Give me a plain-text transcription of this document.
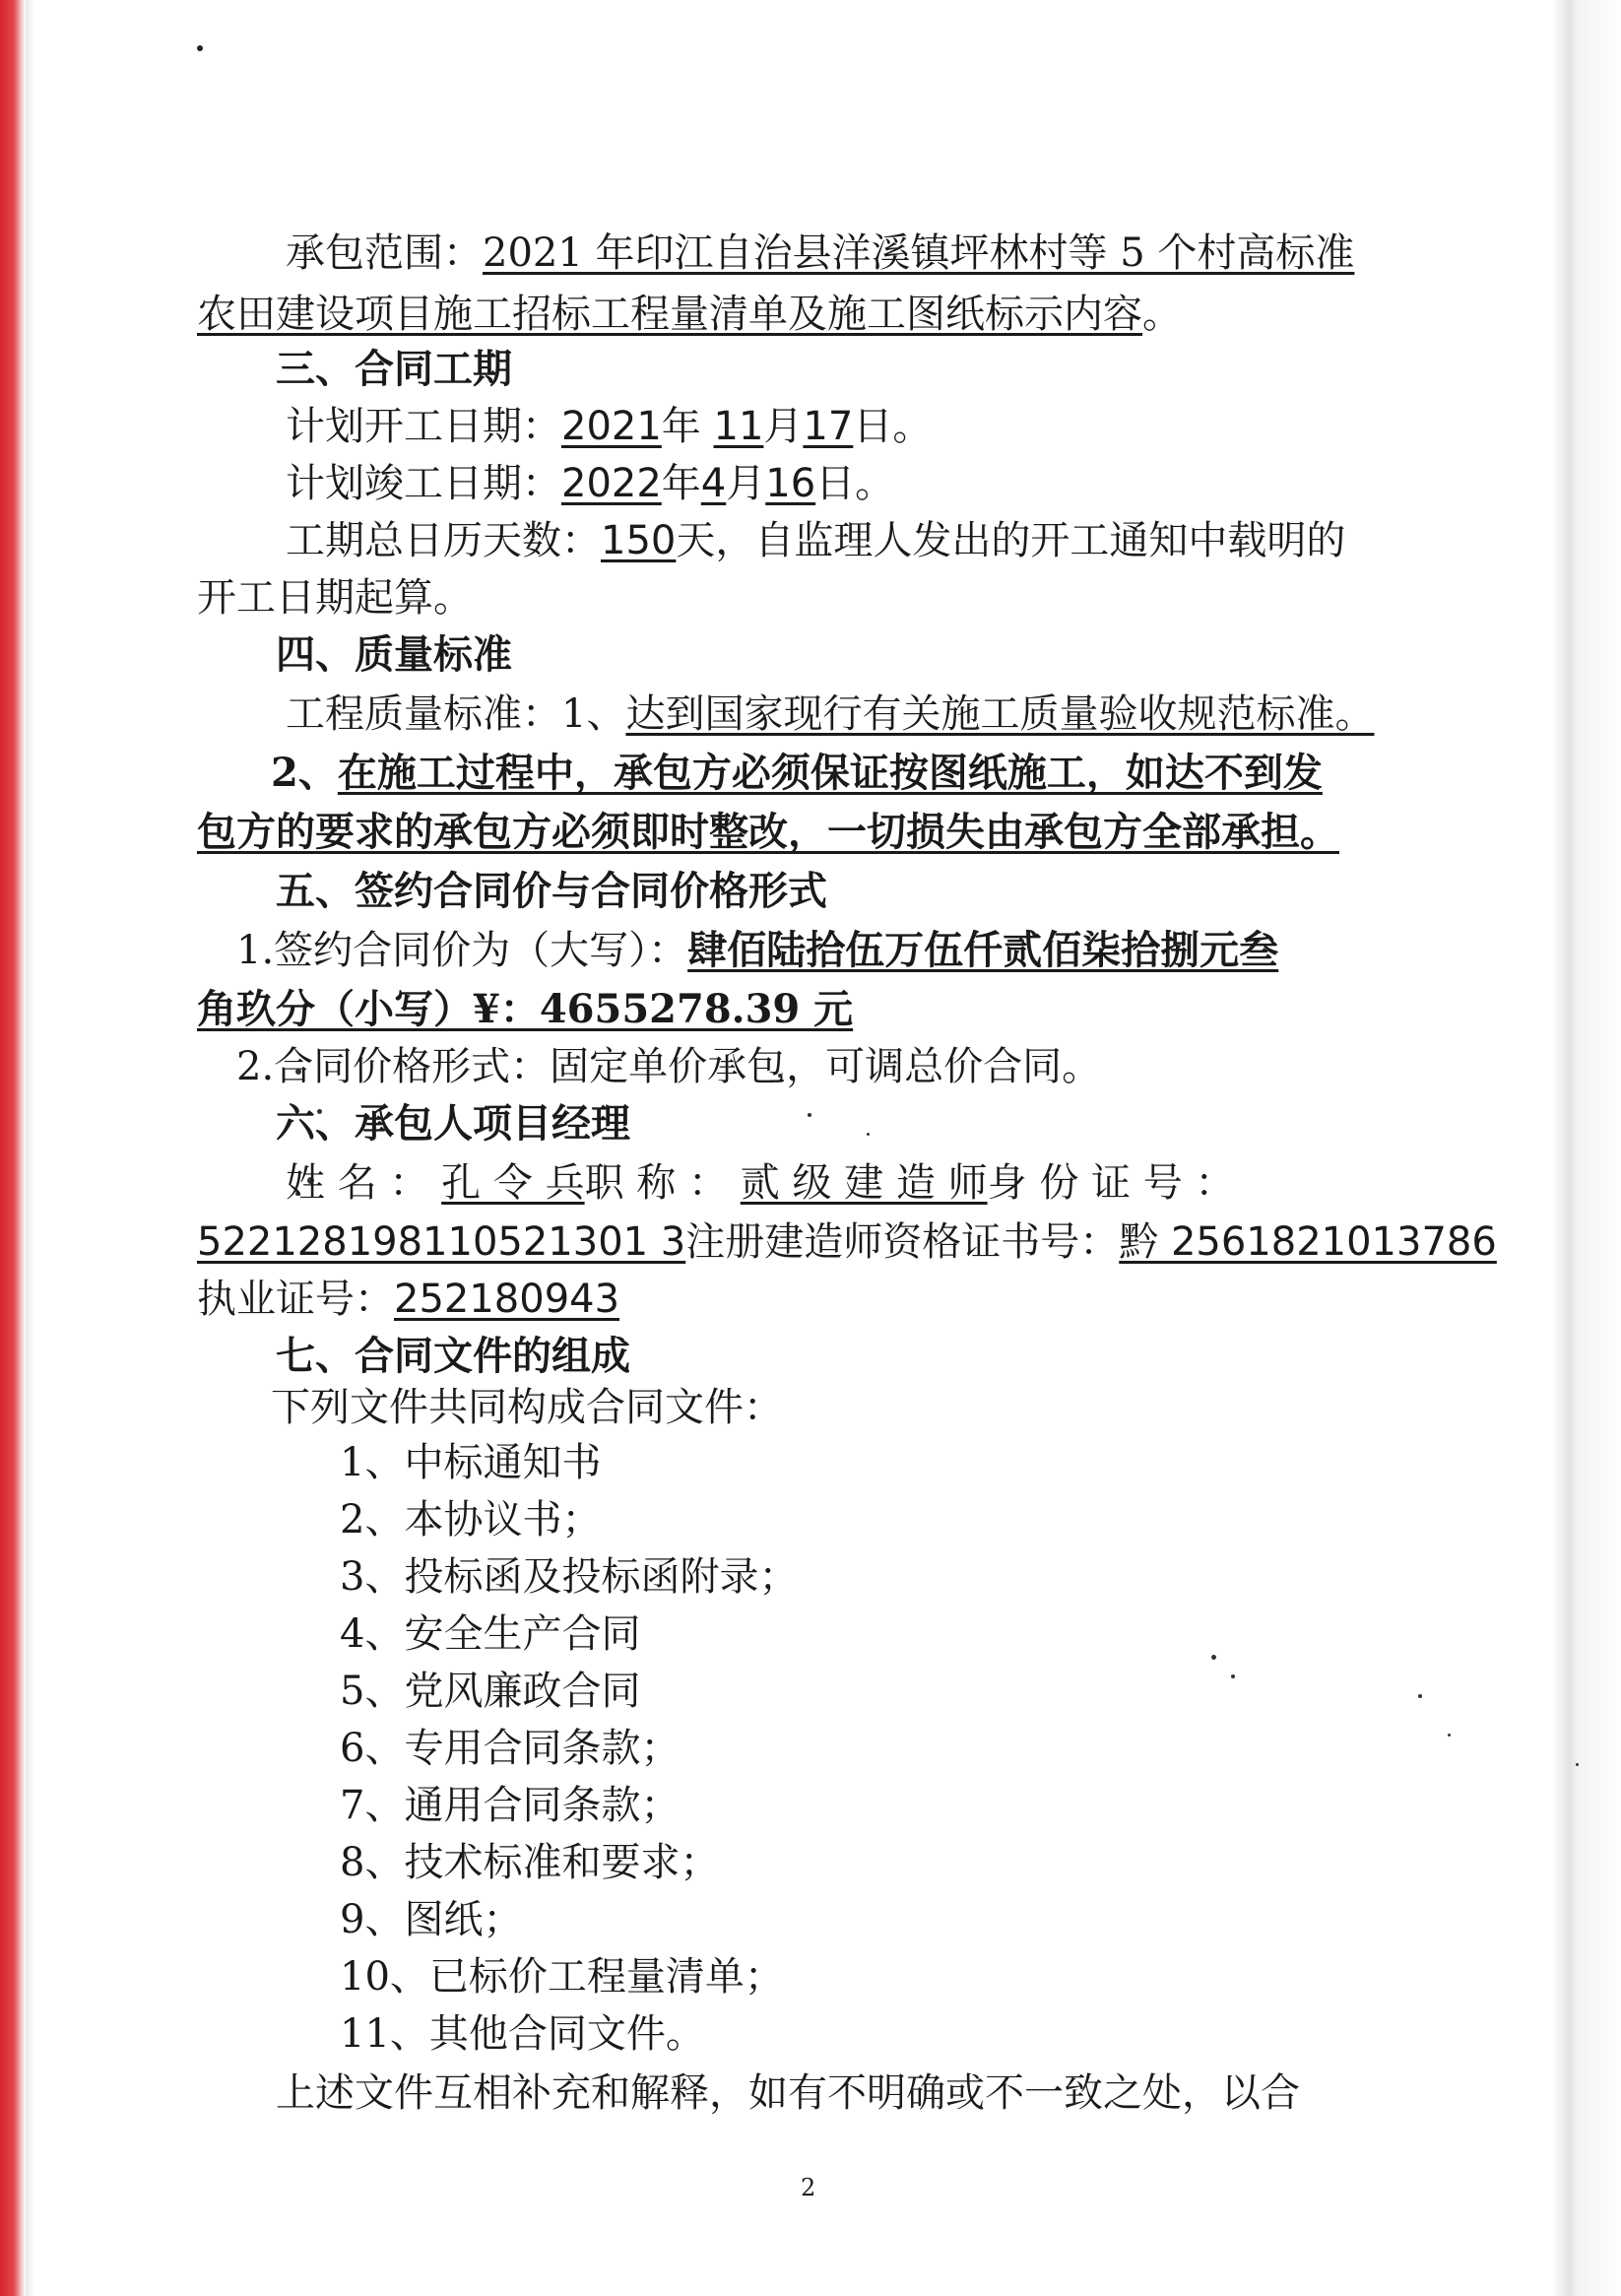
承包范围：2021 年印江自治县洋溪镇坪林村等 5 个村高标准
农田建设项目施工招标工程量清单及施工图纸标示内容。
三、合同工期
计划开工日期：2021年 11月17日。
计划竣工日期：2022年4月16日。
工期总日历天数：150天，自监理人发出的开工通知中载明的
开工日期起算。
四、质量标准
工程质量标准：1、达到国家现行有关施工质量验收规范标准。
2、在施工过程中，承包方必须保证按图纸施工，如达不到发
包方的要求的承包方必须即时整改，一切损失由承包方全部承担。
五、签约合同价与合同价格形式
1.签约合同价为（大写）：肆佰陆拾伍万伍仟贰佰柒拾捌元叁
角玖分（小写）¥：4655278.39 元
2.合同价格形式：固定单价承包，可调总价合同。
六、承包人项目经理
姓 名 ： 孔 令 兵职 称 ： 贰 级 建 造 师身 份 证 号 ：
522128198110521301 3注册建造师资格证书号：黔 2561821013786
执业证号：252180943
七、合同文件的组成
下列文件共同构成合同文件：
1、中标通知书
2、本协议书；
3、投标函及投标函附录；
4、安全生产合同
5、党风廉政合同
6、专用合同条款；
7、通用合同条款；
8、技术标准和要求；
9、图纸；
10、已标价工程量清单；
11、其他合同文件。
上述文件互相补充和解释，如有不明确或不一致之处，以合
2
